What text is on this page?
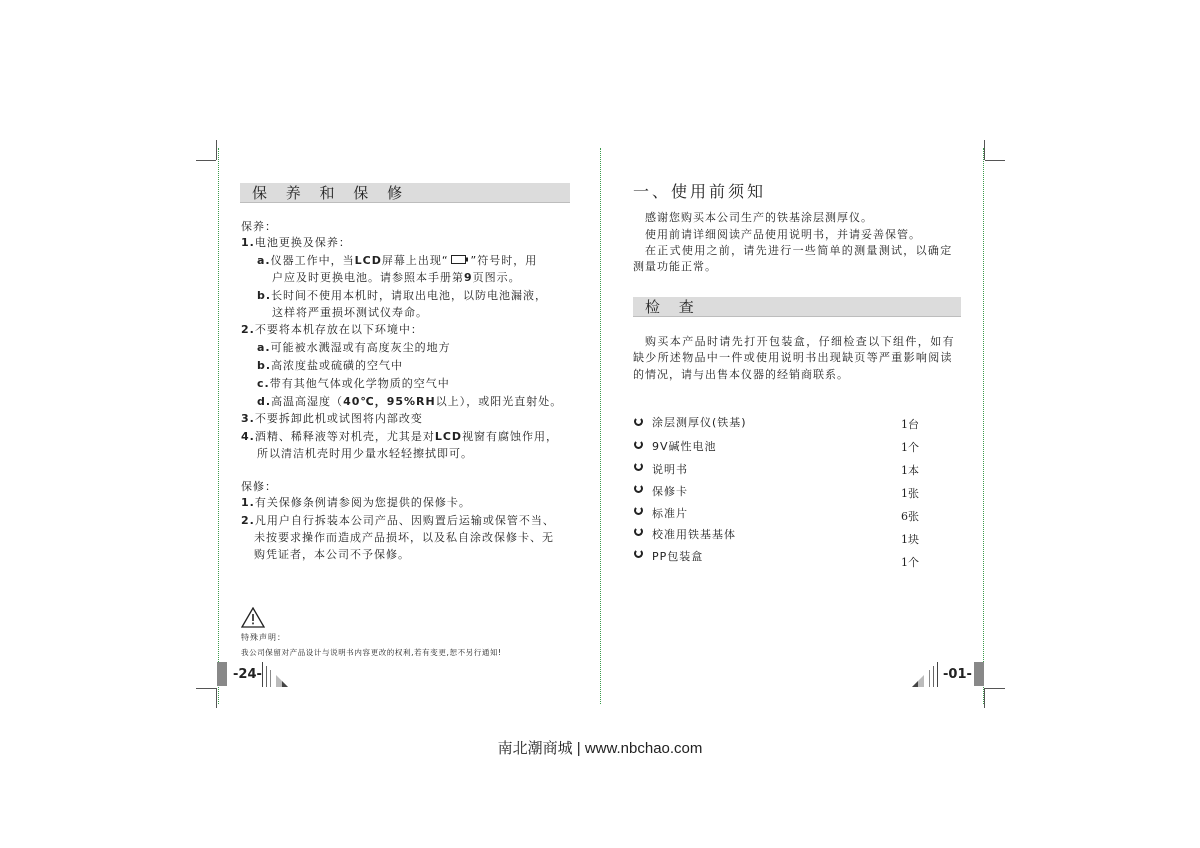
保 养 和 保 修
保养：
1.电池更换及保养：
a.仪器工作中，当LCD屏幕上出现“ ”符号时，用
户应及时更换电池。请参照本手册第9页图示。
b.长时间不使用本机时，请取出电池，以防电池漏液，
这样将严重损坏测试仪寿命。
2.不要将本机存放在以下环境中：
a.可能被水溅湿或有高度灰尘的地方
b.高浓度盐或硫磺的空气中
c.带有其他气体或化学物质的空气中
d.高温高湿度（40℃，95%RH以上），或阳光直射处。
3.不要拆卸此机或试图将内部改变
4.酒精、稀释液等对机壳，尤其是对LCD视窗有腐蚀作用，
所以清洁机壳时用少量水轻轻擦拭即可。
保修：
1.有关保修条例请参阅为您提供的保修卡。
2.凡用户自行拆装本公司产品、因购置后运输或保管不当、
未按要求操作而造成产品损坏，以及私自涂改保修卡、无
购凭证者，本公司不予保修。
特殊声明：
我公司保留对产品设计与说明书内容更改的权利,若有变更,恕不另行通知!
-24-
一、使用前须知
感谢您购买本公司生产的铁基涂层测厚仪。
使用前请详细阅读产品使用说明书，并请妥善保管。
在正式使用之前，请先进行一些简单的测量测试，以确定
测量功能正常。
检 查
购买本产品时请先打开包装盒，仔细检查以下组件，如有
缺少所述物品中一件或使用说明书出现缺页等严重影响阅读
的情况，请与出售本仪器的经销商联系。
涂层测厚仪(铁基)	1台
9V碱性电池	1个
说明书	1本
保修卡	1张
标准片	6张
校准用铁基基体	1块
PP包装盒	1个
-01-
南北潮商城 | www.nbchao.com
